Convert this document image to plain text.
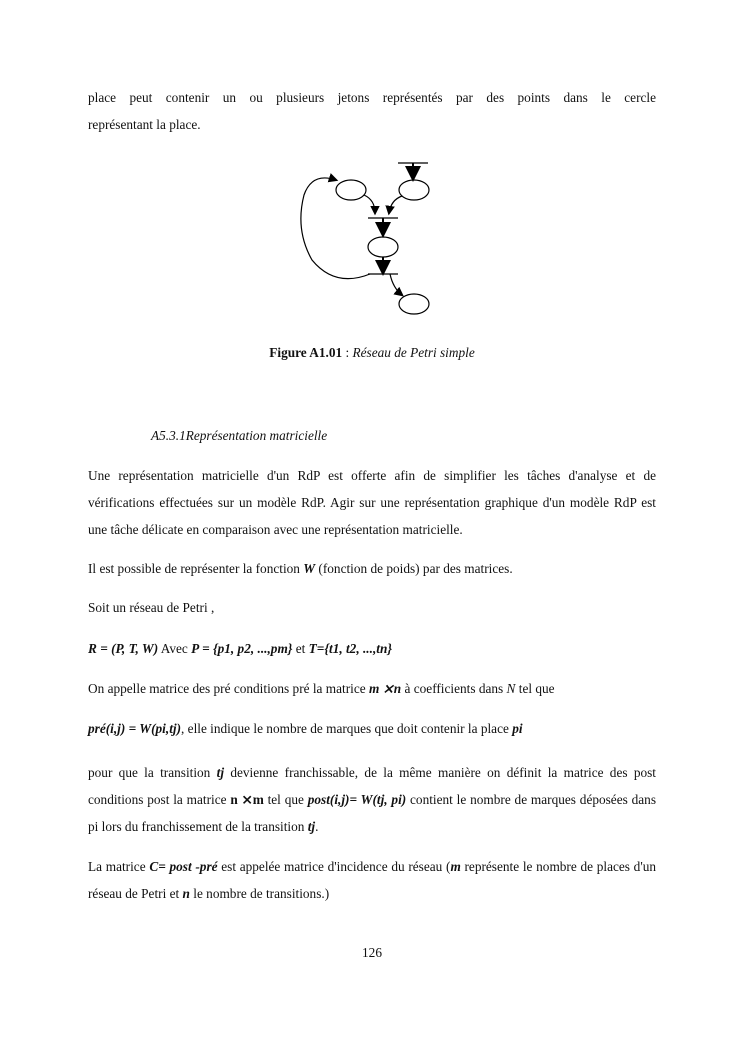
place peut contenir un ou plusieurs jetons représentés par des points dans le cercle
représentant la place.

Figure A1.01 : Réseau de Petri simple

A5.3.1Représentation matricielle

Une représentation matricielle d'un RdP est offerte afin de simplifier les tâches d'analyse et de vérifications effectuées sur un modèle RdP. Agir sur une représentation graphique d'un modèle RdP est une tâche délicate en comparaison avec une représentation matricielle.

Il est possible de représenter la fonction W (fonction de poids) par des matrices.

Soit un réseau de Petri ,

R = (P, T, W) Avec P = {p1, p2, ...,pm} et T={t1, t2, ...,tn}

On appelle matrice des pré conditions pré la matrice m ⨯n à coefficients dans N tel que

pré(i,j) = W(pi,tj), elle indique le nombre de marques que doit contenir la place pi

pour que la transition tj devienne franchissable, de la même manière on définit la matrice des post conditions post la matrice n ⨯m tel que post(i,j)= W(tj, pi) contient le nombre de marques déposées dans pi lors du franchissement de la transition tj.

La matrice C= post -pré est appelée matrice d'incidence du réseau (m représente le nombre de places d'un réseau de Petri et n le nombre de transitions.)

126
